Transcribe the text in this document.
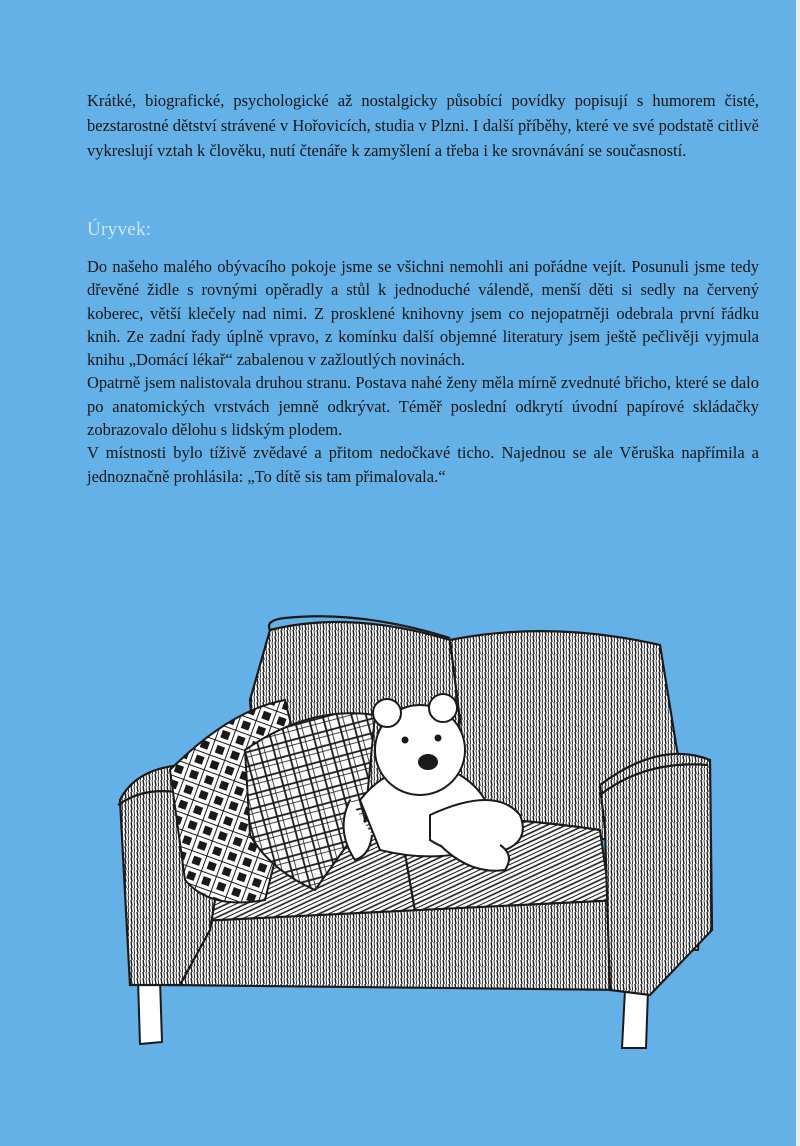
Krátké, biografické, psychologické až nostalgicky působící povídky popisují s humorem čisté, bezstarostné dětství strávené v Hořovicích, studia v Plzni. I další příběhy, které ve své podstatě citlivě vykreslují vztah k člověku, nutí čtenáře k zamyšlení a třeba i ke srovnávání se současností.

Úryvek:

Do našeho malého obývacího pokoje jsme se všichni nemohli ani pořádne vejít. Posunuli jsme tedy dřevěné židle s rovnými opěradly a stůl k jednoduché válendě, menší děti si sedly na červený koberec, větší klečely nad nimi. Z prosklené knihovny jsem co nejopatrněji odebrala první řádku knih. Ze zadní řady úplně vpravo, z komínku další objemné literatury jsem ještě pečlivěji vyjmula knihu „Domácí lékař“ zabalenou v zažloutlých novinách.

Opatrně jsem nalistovala druhou stranu. Postava nahé ženy měla mírně zvednuté břicho, které se dalo po anatomických vrstvách jemně odkrývat. Téměř poslední odkrytí úvodní papírové skládačky zobrazovalo dělohu s lidským plodem.

V místnosti bylo tíživě zvědavé a přitom nedočkavé ticho. Najednou se ale Věruška napřímila a jednoznačně prohlásila: „To dítě sis tam přimalovala.“
